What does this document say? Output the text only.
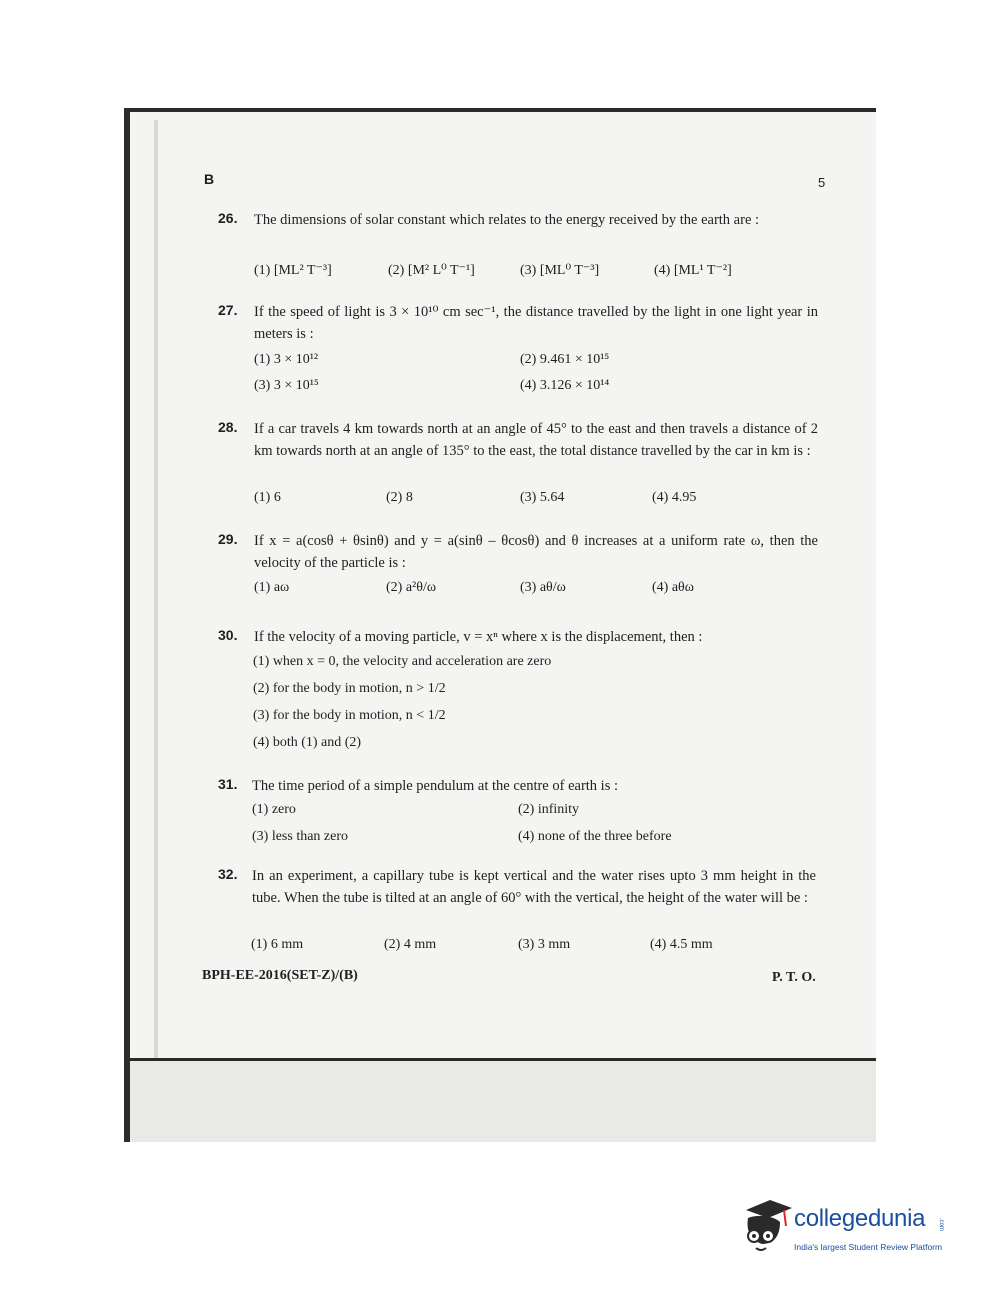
B	5
26. The dimensions of solar constant which relates to the energy received by the earth are :
(1) [ML² T⁻³]	(2) [M² L⁰ T⁻¹]	(3) [ML⁰ T⁻³]	(4) [ML¹ T⁻²]
27. If the speed of light is 3 × 10¹⁰ cm sec⁻¹, the distance travelled by the light in one light year in meters is :
(1) 3 × 10¹²	(2) 9.461 × 10¹⁵
(3) 3 × 10¹⁵	(4) 3.126 × 10¹⁴
28. If a car travels 4 km towards north at an angle of 45° to the east and then travels a distance of 2 km towards north at an angle of 135° to the east, the total distance travelled by the car in km is :
(1) 6	(2) 8	(3) 5.64	(4) 4.95
29. If x = a(cosθ + θsinθ) and y = a(sinθ – θcosθ) and θ increases at a uniform rate ω, then the velocity of the particle is :
(1) aω	(2) a²θ/ω	(3) aθ/ω	(4) aθω
30. If the velocity of a moving particle, v = xⁿ where x is the displacement, then :
(1) when x = 0, the velocity and acceleration are zero
(2) for the body in motion, n > 1/2
(3) for the body in motion, n < 1/2
(4) both (1) and (2)
31. The time period of a simple pendulum at the centre of earth is :
(1) zero	(2) infinity
(3) less than zero	(4) none of the three before
32. In an experiment, a capillary tube is kept vertical and the water rises upto 3 mm height in the tube. When the tube is tilted at an angle of 60° with the vertical, the height of the water will be :
(1) 6 mm	(2) 4 mm	(3) 3 mm	(4) 4.5 mm
BPH-EE-2016(SET-Z)/(B)	P. T. O.
collegedunia .com
India's largest Student Review Platform
